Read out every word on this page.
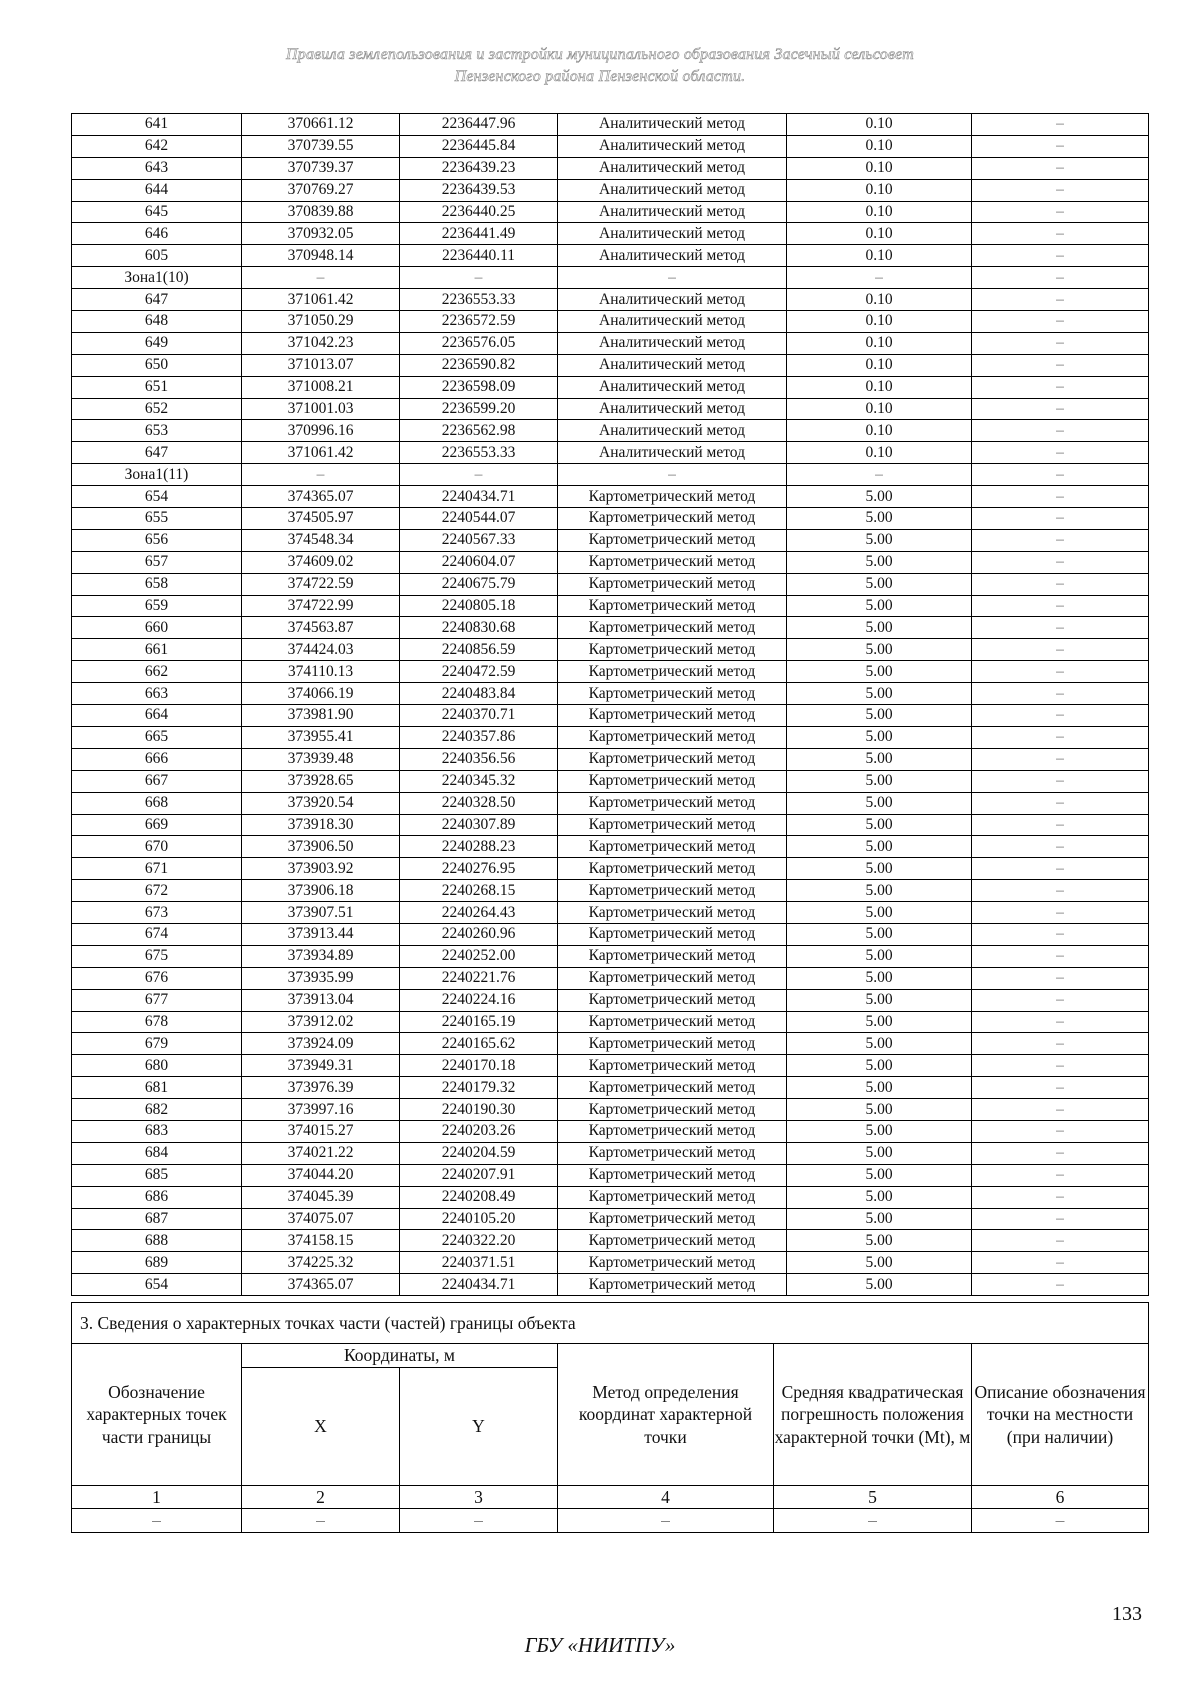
Правила землепользования и застройки муниципального образования Засечный сельсовет
Пензенского района Пензенской области.
641	370661.12	2236447.96	Аналитический метод	0.10	–
642	370739.55	2236445.84	Аналитический метод	0.10	–
643	370739.37	2236439.23	Аналитический метод	0.10	–
644	370769.27	2236439.53	Аналитический метод	0.10	–
645	370839.88	2236440.25	Аналитический метод	0.10	–
646	370932.05	2236441.49	Аналитический метод	0.10	–
605	370948.14	2236440.11	Аналитический метод	0.10	–
Зона1(10)	–	–	–	–	–
647	371061.42	2236553.33	Аналитический метод	0.10	–
648	371050.29	2236572.59	Аналитический метод	0.10	–
649	371042.23	2236576.05	Аналитический метод	0.10	–
650	371013.07	2236590.82	Аналитический метод	0.10	–
651	371008.21	2236598.09	Аналитический метод	0.10	–
652	371001.03	2236599.20	Аналитический метод	0.10	–
653	370996.16	2236562.98	Аналитический метод	0.10	–
647	371061.42	2236553.33	Аналитический метод	0.10	–
Зона1(11)	–	–	–	–	–
654	374365.07	2240434.71	Картометрический метод	5.00	–
655	374505.97	2240544.07	Картометрический метод	5.00	–
656	374548.34	2240567.33	Картометрический метод	5.00	–
657	374609.02	2240604.07	Картометрический метод	5.00	–
658	374722.59	2240675.79	Картометрический метод	5.00	–
659	374722.99	2240805.18	Картометрический метод	5.00	–
660	374563.87	2240830.68	Картометрический метод	5.00	–
661	374424.03	2240856.59	Картометрический метод	5.00	–
662	374110.13	2240472.59	Картометрический метод	5.00	–
663	374066.19	2240483.84	Картометрический метод	5.00	–
664	373981.90	2240370.71	Картометрический метод	5.00	–
665	373955.41	2240357.86	Картометрический метод	5.00	–
666	373939.48	2240356.56	Картометрический метод	5.00	–
667	373928.65	2240345.32	Картометрический метод	5.00	–
668	373920.54	2240328.50	Картометрический метод	5.00	–
669	373918.30	2240307.89	Картометрический метод	5.00	–
670	373906.50	2240288.23	Картометрический метод	5.00	–
671	373903.92	2240276.95	Картометрический метод	5.00	–
672	373906.18	2240268.15	Картометрический метод	5.00	–
673	373907.51	2240264.43	Картометрический метод	5.00	–
674	373913.44	2240260.96	Картометрический метод	5.00	–
675	373934.89	2240252.00	Картометрический метод	5.00	–
676	373935.99	2240221.76	Картометрический метод	5.00	–
677	373913.04	2240224.16	Картометрический метод	5.00	–
678	373912.02	2240165.19	Картометрический метод	5.00	–
679	373924.09	2240165.62	Картометрический метод	5.00	–
680	373949.31	2240170.18	Картометрический метод	5.00	–
681	373976.39	2240179.32	Картометрический метод	5.00	–
682	373997.16	2240190.30	Картометрический метод	5.00	–
683	374015.27	2240203.26	Картометрический метод	5.00	–
684	374021.22	2240204.59	Картометрический метод	5.00	–
685	374044.20	2240207.91	Картометрический метод	5.00	–
686	374045.39	2240208.49	Картометрический метод	5.00	–
687	374075.07	2240105.20	Картометрический метод	5.00	–
688	374158.15	2240322.20	Картометрический метод	5.00	–
689	374225.32	2240371.51	Картометрический метод	5.00	–
654	374365.07	2240434.71	Картометрический метод	5.00	–
3. Сведения о характерных точках части (частей) границы объекта					
Обозначение характерных точек части границы	Координаты, м		Метод определения координат характерной точки	Средняя квадратическая погрешность положения характерной точки (Mt), м	Описание обозначения точки на местности (при наличии)
	X	Y			
1	2	3	4	5	6
–	–	–	–	–	–
133
ГБУ «НИИТПУ»
